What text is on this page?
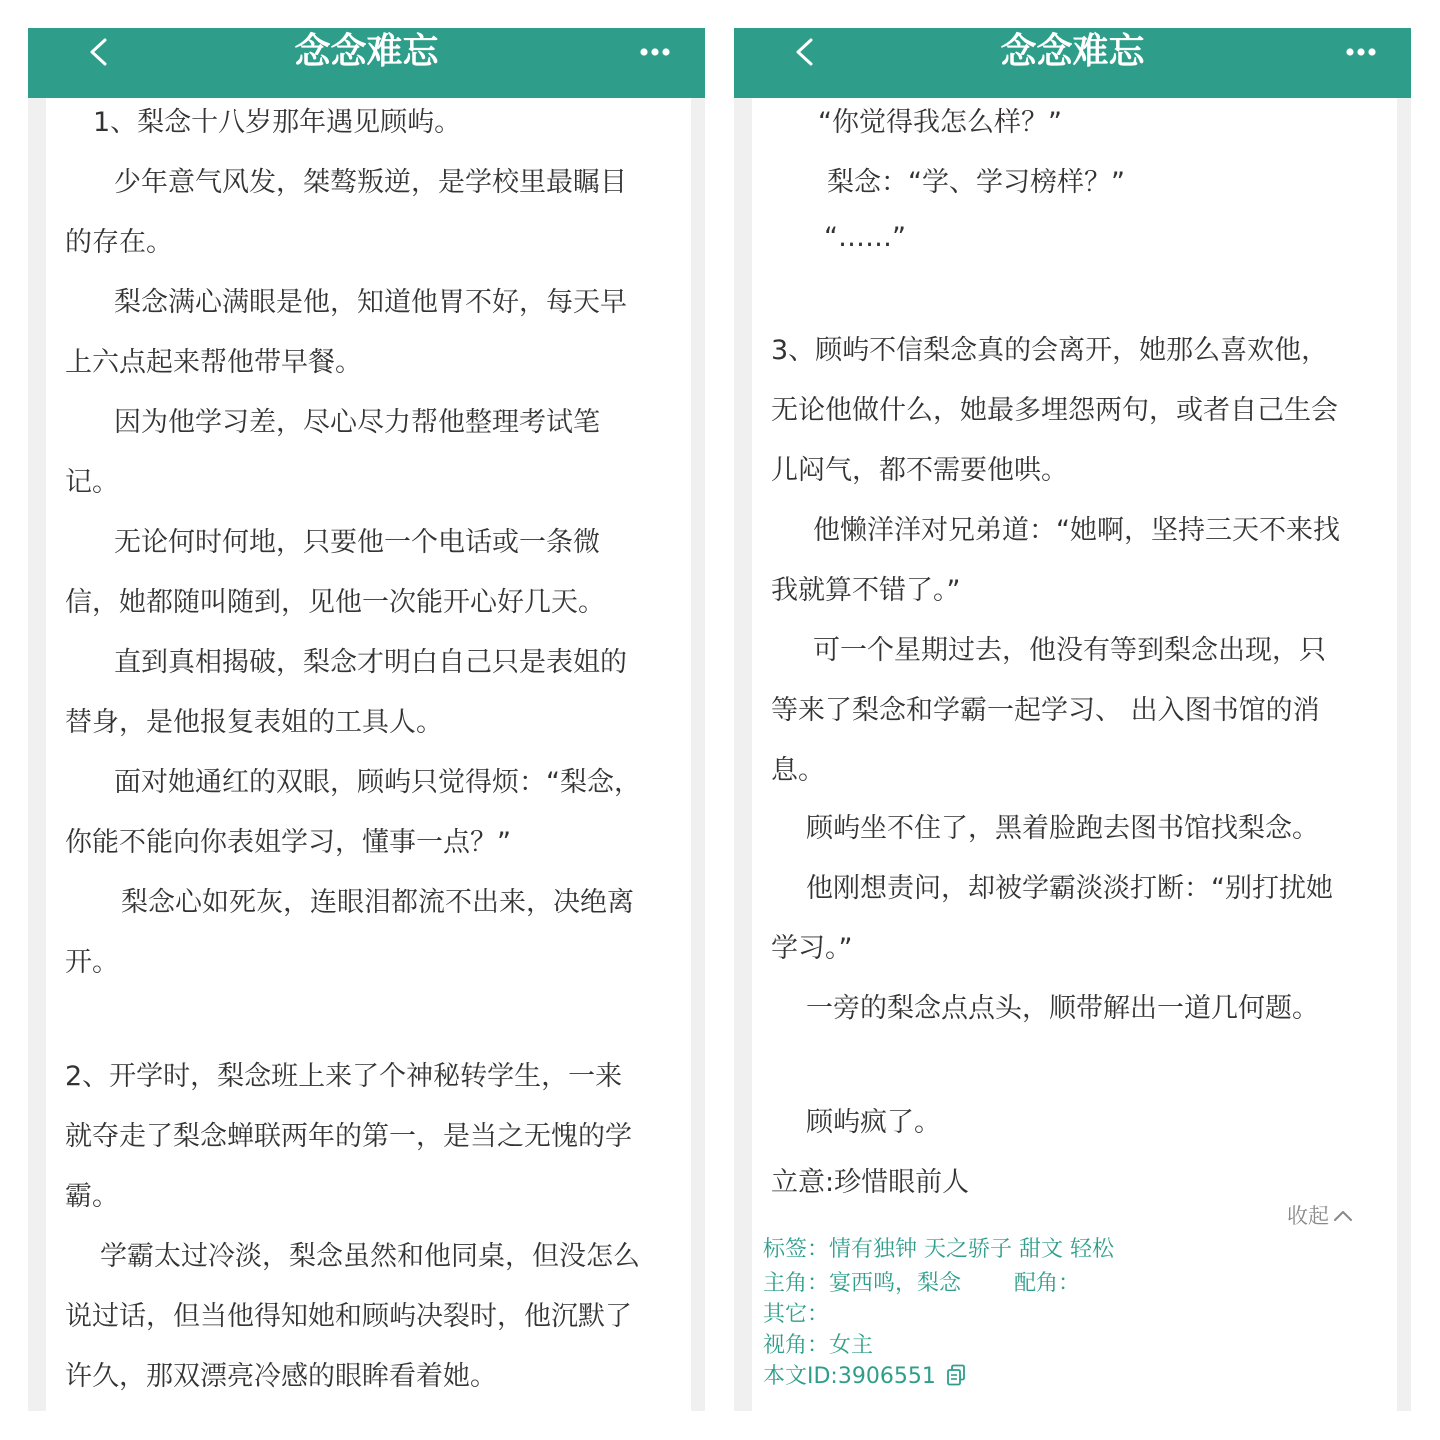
念念难忘
1、梨念十八岁那年遇见顾屿。
少年意气风发，桀骜叛逆，是学校里最瞩目
的存在。
梨念满心满眼是他，知道他胃不好，每天早
上六点起来帮他带早餐。
因为他学习差，尽心尽力帮他整理考试笔
记。
无论何时何地，只要他一个电话或一条微
信，她都随叫随到，见他一次能开心好几天。
直到真相揭破，梨念才明白自己只是表姐的
替身，是他报复表姐的工具人。
面对她通红的双眼，顾屿只觉得烦：“梨念，
你能不能向你表姐学习，懂事一点？”
梨念心如死灰，连眼泪都流不出来，决绝离
开。
2、开学时，梨念班上来了个神秘转学生，一来
就夺走了梨念蝉联两年的第一，是当之无愧的学
霸。
学霸太过冷淡，梨念虽然和他同桌，但没怎么
说过话，但当他得知她和顾屿决裂时，他沉默了
许久，那双漂亮冷感的眼眸看着她。
念念难忘
“你觉得我怎么样？”
梨念：“学、学习榜样？”
“……”
3、顾屿不信梨念真的会离开，她那么喜欢他，
无论他做什么，她最多埋怨两句，或者自己生会
儿闷气，都不需要他哄。
他懒洋洋对兄弟道：“她啊，坚持三天不来找
我就算不错了。”
可一个星期过去，他没有等到梨念出现，只
等来了梨念和学霸一起学习、 出入图书馆的消
息。
顾屿坐不住了，黑着脸跑去图书馆找梨念。
他刚想责问，却被学霸淡淡打断：“别打扰她
学习。”
一旁的梨念点点头，顺带解出一道几何题。
顾屿疯了。
立意:珍惜眼前人
收起
标签：情有独钟 天之骄子 甜文 轻松
主角：宴西鸣，梨念 配角：
其它：
视角：女主
本文ID:3906551
